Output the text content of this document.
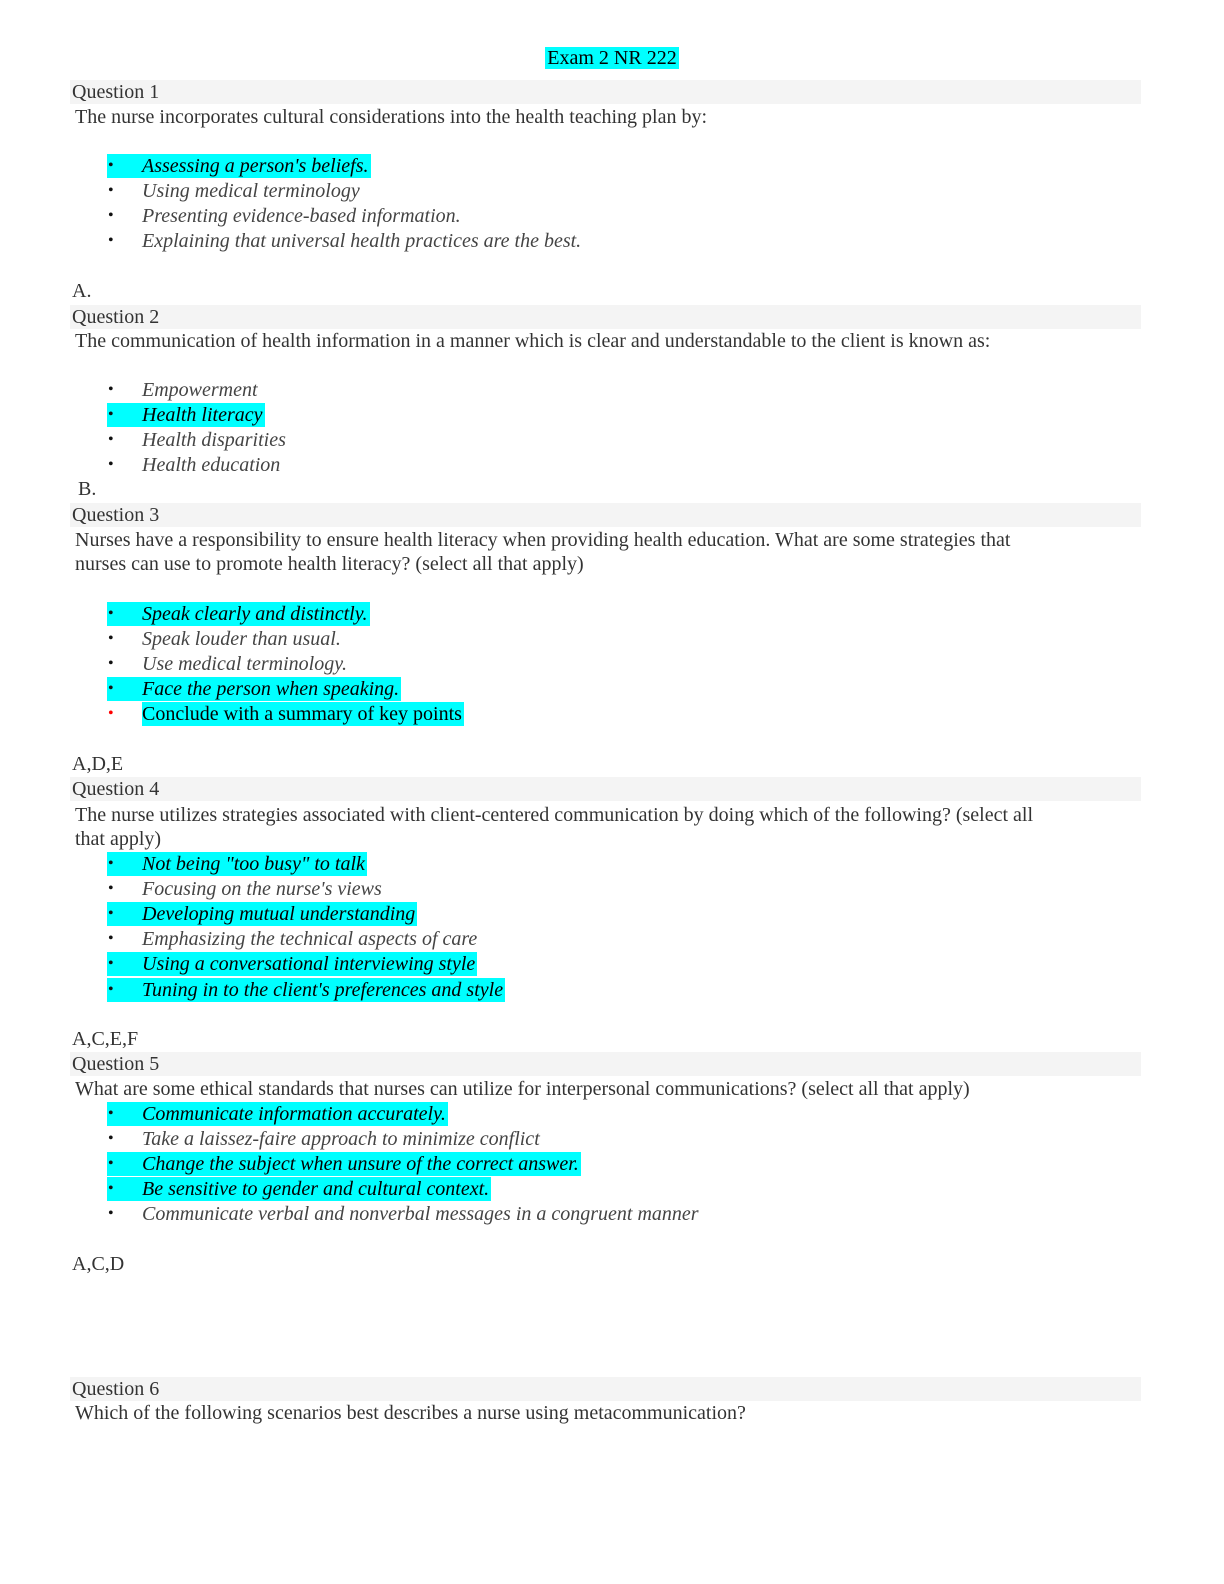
Exam 2 NR 222
Question 1
The nurse incorporates cultural considerations into the health teaching plan by:
•	Assessing a person's beliefs.
•	Using medical terminology
•	Presenting evidence-based information.
•	Explaining that universal health practices are the best.
A.
Question 2
The communication of health information in a manner which is clear and understandable to the client is known as:
•	Empowerment
•	Health literacy
•	Health disparities
•	Health education
B.
Question 3
Nurses have a responsibility to ensure health literacy when providing health education. What are some strategies that
nurses can use to promote health literacy? (select all that apply)
•	Speak clearly and distinctly.
•	Speak louder than usual.
•	Use medical terminology.
•	Face the person when speaking.
•	Conclude with a summary of key points
A,D,E
Question 4
The nurse utilizes strategies associated with client-centered communication by doing which of the following? (select all
that apply)
•	Not being "too busy" to talk
•	Focusing on the nurse's views
•	Developing mutual understanding
•	Emphasizing the technical aspects of care
•	Using a conversational interviewing style
•	Tuning in to the client's preferences and style
A,C,E,F
Question 5
What are some ethical standards that nurses can utilize for interpersonal communications? (select all that apply)
•	Communicate information accurately.
•	Take a laissez-faire approach to minimize conflict
•	Change the subject when unsure of the correct answer.
•	Be sensitive to gender and cultural context.
•	Communicate verbal and nonverbal messages in a congruent manner
A,C,D
Question 6
Which of the following scenarios best describes a nurse using metacommunication?
